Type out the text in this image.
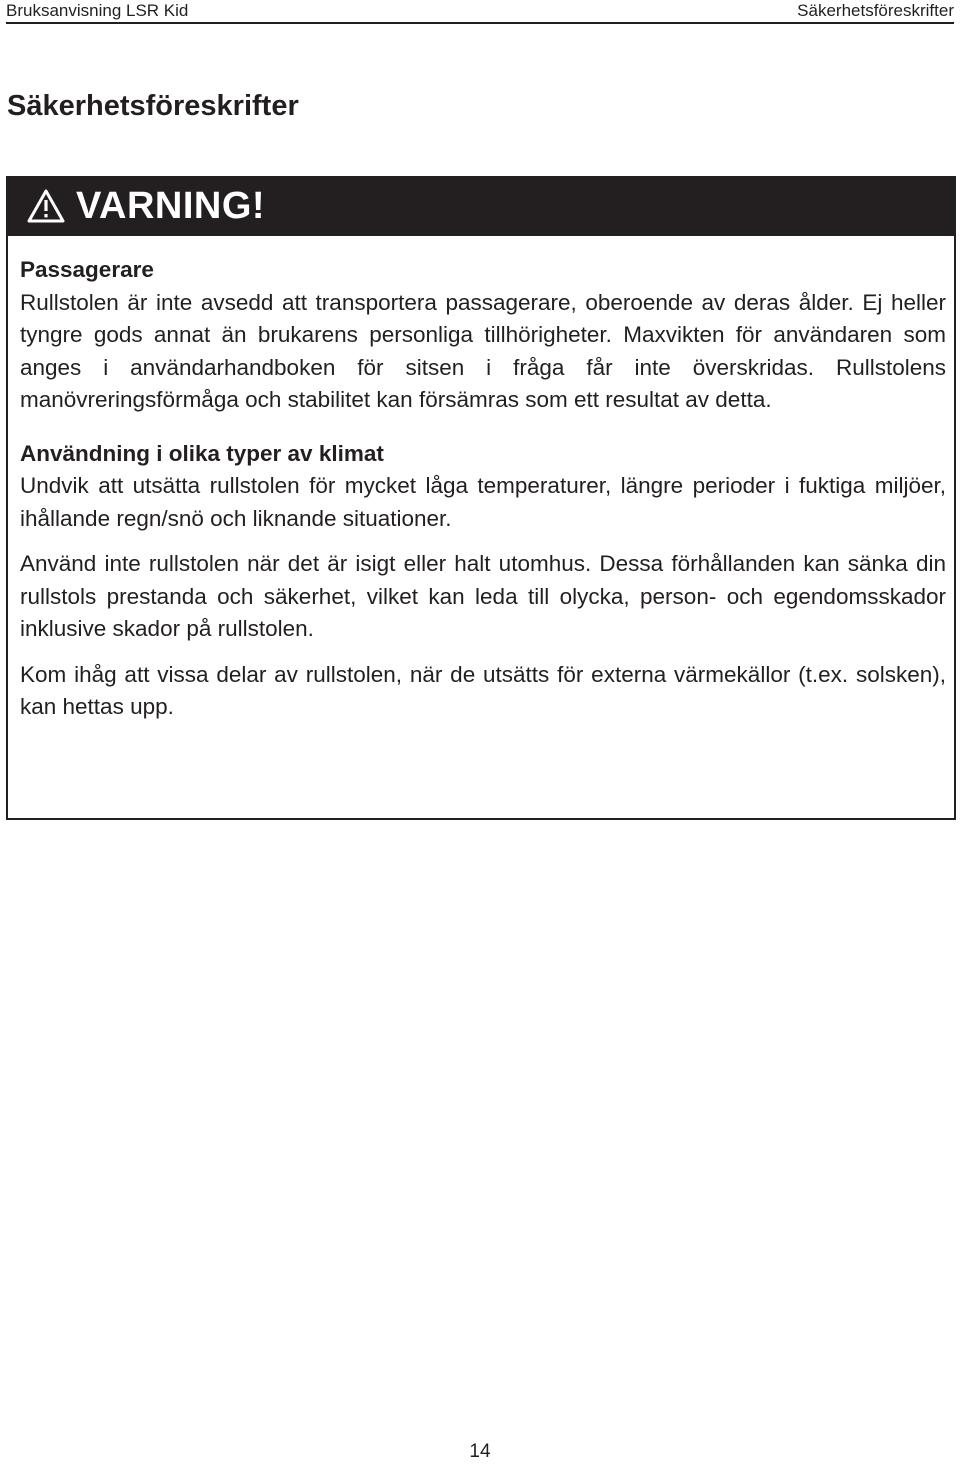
Bruksanvisning LSR Kid	Säkerhetsföreskrifter
Säkerhetsföreskrifter
VARNING!

Passagerare

Rullstolen är inte avsedd att transportera passagerare, oberoende av deras ålder. Ej heller tyngre gods annat än brukarens personliga tillhörigheter. Maxvikten för användaren som anges i användarhandboken för sitsen i fråga får inte överskridas. Rullstolens manövreringsförmåga och stabilitet kan försämras som ett resultat av detta.

Användning i olika typer av klimat

Undvik att utsätta rullstolen för mycket låga temperaturer, längre perioder i fuktiga miljöer, ihållande regn/snö och liknande situationer.

Använd inte rullstolen när det är isigt eller halt utomhus. Dessa förhållanden kan sänka din rullstols prestanda och säkerhet, vilket kan leda till olycka, person- och egendomsskador inklusive skador på rullstolen.

Kom ihåg att vissa delar av rullstolen, när de utsätts för externa värmekällor (t.ex. solsken), kan hettas upp.

14
